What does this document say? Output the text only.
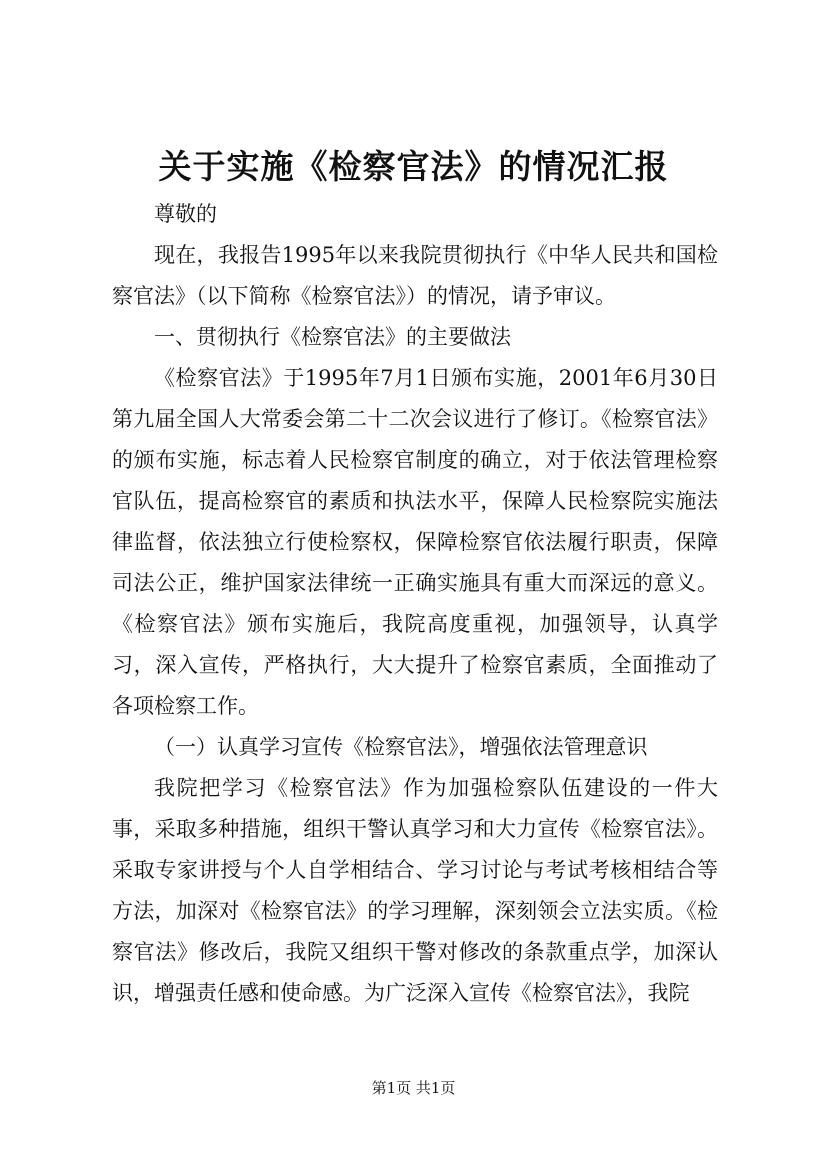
关于实施《检察官法》的情况汇报

尊敬的

现在，我报告1995年以来我院贯彻执行《中华人民共和国检察官法》（以下简称《检察官法》）的情况，请予审议。

一、贯彻执行《检察官法》的主要做法

《检察官法》于1995年7月1日颁布实施，2001年6月30日第九届全国人大常委会第二十二次会议进行了修订。《检察官法》的颁布实施，标志着人民检察官制度的确立，对于依法管理检察官队伍，提高检察官的素质和执法水平，保障人民检察院实施法律监督，依法独立行使检察权，保障检察官依法履行职责，保障司法公正，维护国家法律统一正确实施具有重大而深远的意义。《检察官法》颁布实施后，我院高度重视，加强领导，认真学习，深入宣传，严格执行，大大提升了检察官素质，全面推动了各项检察工作。

（一）认真学习宣传《检察官法》，增强依法管理意识

我院把学习《检察官法》作为加强检察队伍建设的一件大事，采取多种措施，组织干警认真学习和大力宣传《检察官法》。采取专家讲授与个人自学相结合、学习讨论与考试考核相结合等方法，加深对《检察官法》的学习理解，深刻领会立法实质。《检察官法》修改后，我院又组织干警对修改的条款重点学，加深认识，增强责任感和使命感。为广泛深入宣传《检察官法》，我院

第1页 共1页
